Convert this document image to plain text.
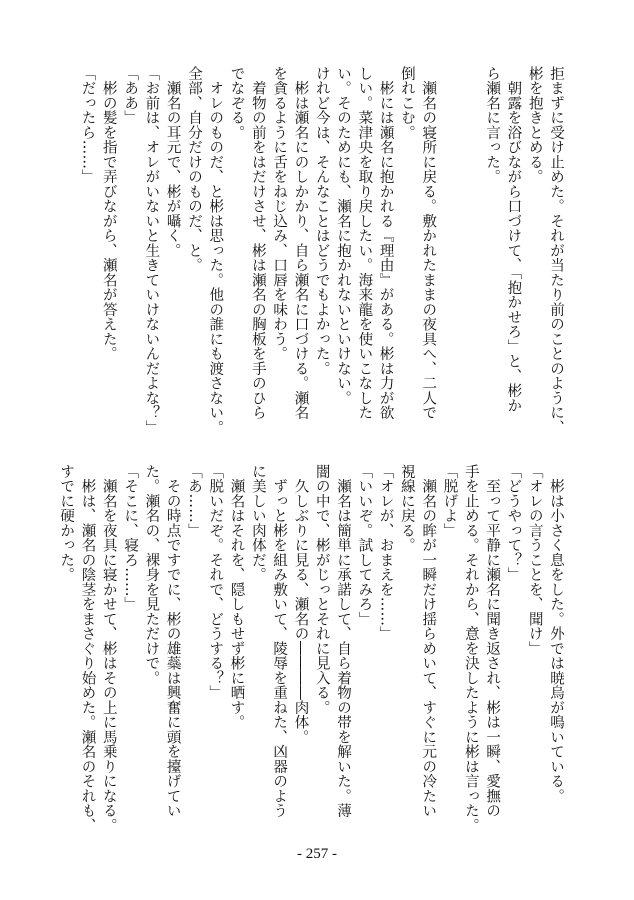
拒まずに受け止めた。それが当たり前のことのように、
彬を抱きとめる。
　朝露を浴びながら口づけて、「抱かせろ」と、彬か
ら瀬名に言った。

　瀬名の寝所に戻る。敷かれたままの夜具へ、二人で
倒れこむ。
　彬には瀬名に抱かれる『理由』がある。彬は力が欲
しい。菜津央を取り戻したい。海来龍を使いこなした
い。そのためにも、瀬名に抱かれないといけない。
けれど今は、そんなことはどうでもよかった。
　彬は瀬名にのしかかり、自ら瀬名に口づける。瀬名
を貪るように舌をねじ込み、口唇を味わう。
　着物の前をはだけさせ、彬は瀬名の胸板を手のひら
でなぞる。
　オレのものだ、と彬は思った。他の誰にも渡さない。
全部、自分だけのものだ、と。
　瀬名の耳元で、彬が囁く。
「お前は、オレがいないと生きていけないんだよな？」
「ああ」
　彬の髪を指で弄びながら、瀬名が答えた。
「だったら……」
　彬は小さく息をした。外では暁烏が鳴いている。
「オレの言うことを、聞け」
「どうやって？」
　至って平静に瀬名に聞き返され、彬は一瞬、愛撫の
手を止める。それから、意を決したように彬は言った。
「脱げよ」
　瀬名の眸が一瞬だけ揺らめいて、すぐに元の冷たい
視線に戻る。
「オレが、おまえを……」
「いいぞ。試してみろ」
　瀬名は簡単に承諾して、自ら着物の帯を解いた。薄
闇の中で、彬がじっとそれに見入る。
　久しぶりに見る、瀬名の――――肉体。
　ずっと彬を組み敷いて、陵辱を重ねた、凶器のよう
に美しい肉体だ。
　瀬名はそれを、隠しもせず彬に晒す。
「脱いだぞ。それで、どうする？」
「あ……」
　その時点ですでに、彬の雄蘂は興奮に頭を擡げてい
た。瀬名の、裸身を見ただけで。
「そこに、寝ろ……」
　瀬名を夜具に寝かせて、彬はその上に馬乗りになる。
　彬は、瀬名の陰茎をまさぐり始めた。瀬名のそれも、
すでに硬かった。
- 257 -
